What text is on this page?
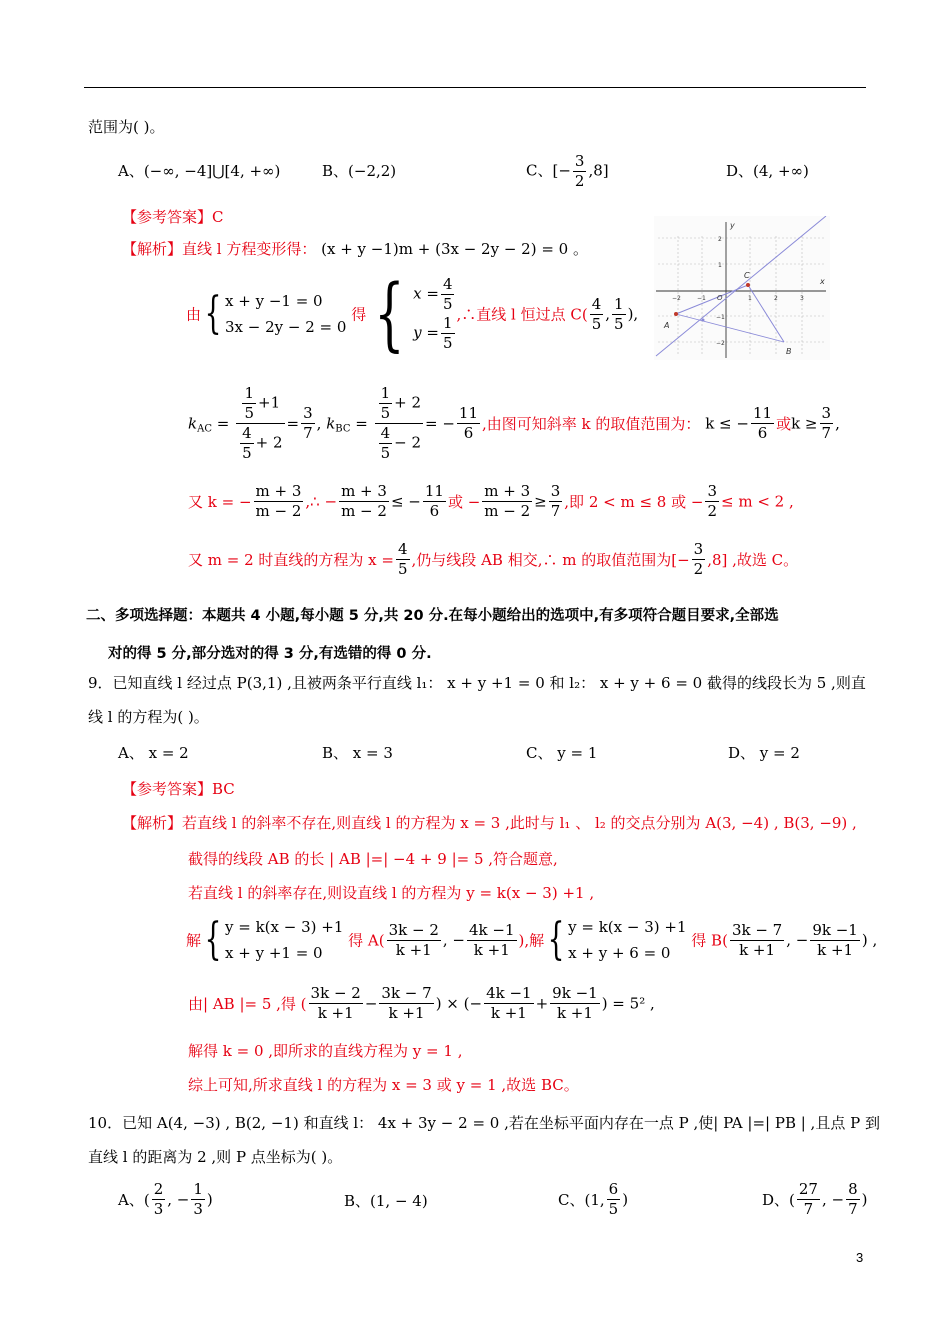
范围为( )。
A、(−∞, −4]⋃[4, +∞)	B、(−2,2)	C、[− $\frac{3}{2} ,8$]	D、(4, +∞)
【参考答案】C
【解析】直线 l 方程变形得： (x + y −1)m + (3x − 2y − 2) = 0 。
由{ x + y −1 = 0
3x − 2y − 2 = 0
得 { $x = \frac{4}{5}$
$y = \frac{1}{5}$ ,∴直线 l 恒过点 $C( \frac{4}{5}$ , $\frac{1}{5}$ ),
$k_{AC} = \frac{\frac{1}{5} +1}{\frac{4}{5} + 2} = \frac{3}{7}$ , $k_{BC} = \frac{\frac{1}{5} + 2}{\frac{4}{5} - 2}$ = − $\frac{11}{6}$ ,由图可知斜率 k 的取值范围为： k ≤ − $\frac{11}{6}$ 或$k \ge \frac{3}{7}$ ,
又 k = − $\frac{m + 3}{m - 2}$ ,∴ − $\frac{m + 3}{m - 2}$ ≤ − $\frac{11}{6}$ 或 − $\frac{m + 3}{m - 2} \ge \frac{3}{7}$ ,即 2 < m ≤ 8 或 − $\frac{3}{2} \le m < 2$ ,
又 m = 2 时直线的方程为 $x = \frac{4}{5}$ ,仍与线段 AB 相交,∴ m 的取值范围为[− $\frac{3}{2} ,8$] ,故选 C。
x
y
A
B
C
O	1	2	3
−1
−2
−1
−2
1
2
二、多项选择题：本题共 4 小题,每小题 5 分,共 20 分.在每小题给出的选项中,有多项符合题目要求,全部选
对的得 5 分,部分选对的得 3 分,有选错的得 0 分.
9．已知直线 l 经过点 P(3,1) ,且被两条平行直线 l₁： x + y +1 = 0 和 l₂： x + y + 6 = 0 截得的线段长为 5 ,则直
线 l 的方程为( )。
A、 x = 2	B、 x = 3	C、 y = 1	D、 y = 2
【参考答案】BC
【解析】若直线 l 的斜率不存在,则直线 l 的方程为 x = 3 ,此时与 l₁ 、 l₂ 的交点分别为 A(3, −4) , B(3, −9) ,
截得的线段 AB 的长 | AB |=| −4 + 9 |= 5 ,符合题意,
若直线 l 的斜率存在,则设直线 l 的方程为 y = k(x − 3) +1 ,
解{ y = k(x − 3) +1
x + y +1 = 0
得 $A( \frac{3k - 2}{k +1}$ , − $\frac{4k -1}{k +1}$ ),解{ y = k(x − 3) +1
x + y + 6 = 0
得 $B( \frac{3k - 7}{k +1}$ , − $\frac{9k -1}{k +1}$ ) ,
由| AB |= 5 ,得 ( $\frac{3k - 2}{k +1} - \frac{3k - 7}{k +1}$ ) × (− $\frac{4k -1}{k +1} + \frac{9k -1}{k +1}$ ) = 5² ,
解得 k = 0 ,即所求的直线方程为 y = 1 ,
综上可知,所求直线 l 的方程为 x = 3 或 y = 1 ,故选 BC。
10．已知 A(4, −3) , B(2, −1) 和直线 l： 4x + 3y − 2 = 0 ,若在坐标平面内存在一点 P ,使| PA |=| PB | ,且点 P 到
直线 l 的距离为 2 ,则 P 点坐标为( )。
A、( $\frac{2}{3}$ , − $\frac{1}{3}$ )	B、(1, − 4)	C、(1, $\frac{6}{5}$ )	D、( $\frac{27}{7}$ , − $\frac{8}{7}$ )
3
